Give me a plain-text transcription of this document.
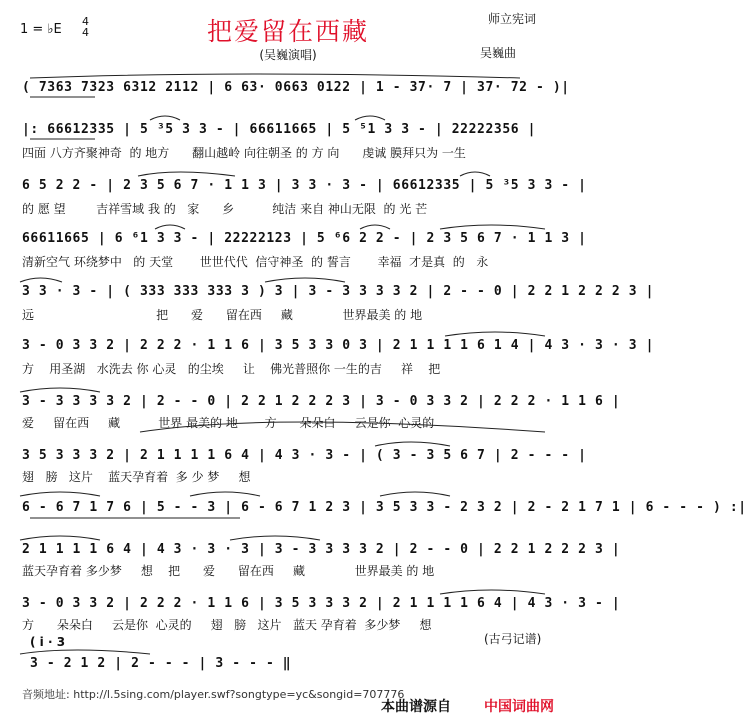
1 = ♭E
4
4	把爱留在西藏
(吴巍演唱)
师立宪词
吴巍曲
( 7363 7323 6312 2112 | 6 63· 0663 0122 | 1 - 37· 7 | 37· 72 - )|
|: 66612335 | 5 ³5 3 3 - | 66611665 | 5 ⁵1 3 3 - | 22222356 |
四面 八方齐聚神奇  的 地方      翻山越岭 向往朝圣 的 方 向      虔诚 膜拜只为 一生
6 5 2 2 - | 2 3 5 6 7 · 1 1 3 | 3 3 · 3 - | 66612335 | 5 ³5 3 3 - |
的 愿 望        吉祥雪域 我 的   家      乡          纯洁 来自 神山无限  的 光 芒
66611665 | 6 ⁶1 3 3 - | 22222123 | 5 ⁶6 2 2 - | 2 3 5 6 7 · 1 1 3 |
清新空气 环绕梦中   的 天堂       世世代代  信守神圣  的 誓言       幸福  才是真  的   永
3 3 · 3 - | ( 333 333 333 3 ) 3 | 3 - 3 3 3 3 2 | 2 - - 0 | 2 2 1 2 2 2 3 |
远                                把      爱      留在西     藏             世界最美 的 地
3 - 0 3 3 2 | 2 2 2 · 1 1 6 | 3 5 3 3 0 3 | 2 1 1 1 1 6 1 4 | 4 3 · 3 · 3 |
方    用圣湖   水洗去 你 心灵   的尘埃     让    佛光普照你 一生的吉     祥    把
3 - 3 3 3 3 2 | 2 - - 0 | 2 2 1 2 2 2 3 | 3 - 0 3 3 2 | 2 2 2 · 1 1 6 |
爱     留在西     藏          世界 最美的 地       方      朵朵白     云是你  心灵的
3 5 3 3 3 2 | 2 1 1 1 1 6 4 | 4 3 · 3 - | ( 3 - 3 5 6 7 | 2 - - - |
翅   膀   这片    蓝天孕育着  多 少 梦     想
6 - 6 7 1 7 6 | 5 - - 3 | 6 - 6 7 1 2 3 | 3 5 3 3 - 2 3 2 | 2 - 2 1 7 1 | 6 - - - ) :|
2 1 1 1 1 6 4 | 4 3 · 3 · 3 | 3 - 3 3 3 3 2 | 2 - - 0 | 2 2 1 2 2 2 3 |
蓝天孕育着 多少梦     想    把      爱      留在西     藏             世界最美 的 地
3 - 0 3 3 2 | 2 2 2 · 1 1 6 | 3 5 3 3 3 2 | 2 1 1 1 1 6 4 | 4 3 · 3 - |
方      朵朵白     云是你  心灵的     翅   膀   这片   蓝天 孕育着  多少梦     想
( i · 3
3 - 2 1 2 | 2 - - - | 3 - - - ‖
(古弓记谱)
音频地址: http://l.5sing.com/player.swf?songtype=yc&songid=707776
本曲谱源自 中国词曲网
